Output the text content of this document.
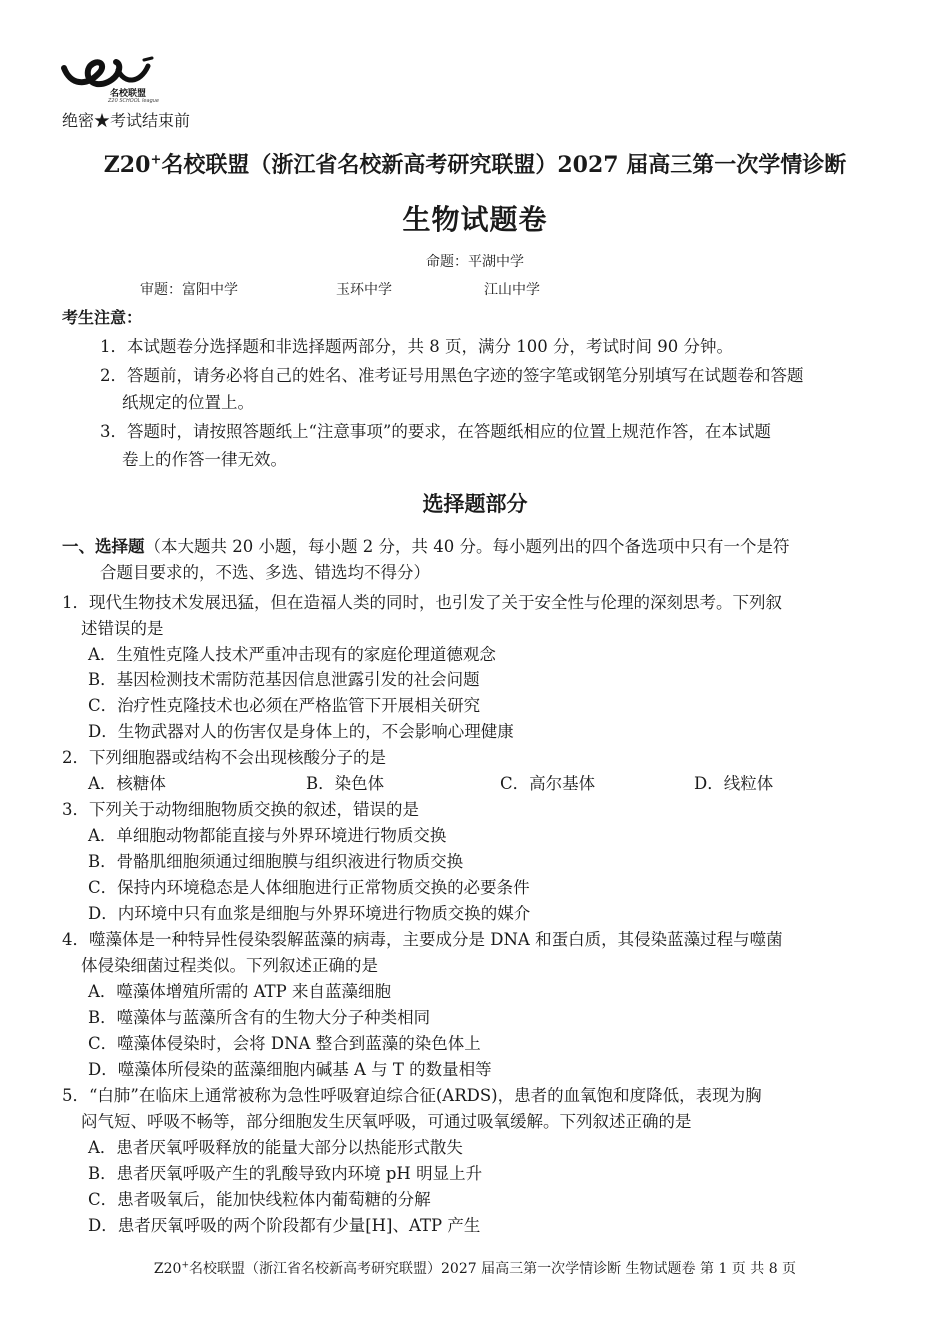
名校联盟
Z20 SCHOOL league
绝密★考试结束前
Z20+名校联盟（浙江省名校新高考研究联盟）2027 届高三第一次学情诊断
生物试题卷
命题：平湖中学
审题：富阳中学	玉环中学	江山中学
考生注意：
1．本试题卷分选择题和非选择题两部分，共 8 页，满分 100 分，考试时间 90 分钟。
2．答题前，请务必将自己的姓名、准考证号用黑色字迹的签字笔或钢笔分别填写在试题卷和答题
纸规定的位置上。
3．答题时，请按照答题纸上“注意事项”的要求，在答题纸相应的位置上规范作答，在本试题
卷上的作答一律无效。
选择题部分
一、选择题（本大题共 20 小题，每小题 2 分，共 40 分。每小题列出的四个备选项中只有一个是符
合题目要求的，不选、多选、错选均不得分）
1．现代生物技术发展迅猛，但在造福人类的同时，也引发了关于安全性与伦理的深刻思考。下列叙
述错误的是
A．生殖性克隆人技术严重冲击现有的家庭伦理道德观念
B．基因检测技术需防范基因信息泄露引发的社会问题
C．治疗性克隆技术也必须在严格监管下开展相关研究
D．生物武器对人的伤害仅是身体上的，不会影响心理健康
2．下列细胞器或结构不会出现核酸分子的是
A．核糖体	B．染色体	C．高尔基体	D．线粒体
3．下列关于动物细胞物质交换的叙述，错误的是
A．单细胞动物都能直接与外界环境进行物质交换
B．骨骼肌细胞须通过细胞膜与组织液进行物质交换
C．保持内环境稳态是人体细胞进行正常物质交换的必要条件
D．内环境中只有血浆是细胞与外界环境进行物质交换的媒介
4．噬藻体是一种特异性侵染裂解蓝藻的病毒，主要成分是 DNA 和蛋白质，其侵染蓝藻过程与噬菌
体侵染细菌过程类似。下列叙述正确的是
A．噬藻体增殖所需的 ATP 来自蓝藻细胞
B．噬藻体与蓝藻所含有的生物大分子种类相同
C．噬藻体侵染时，会将 DNA 整合到蓝藻的染色体上
D．噬藻体所侵染的蓝藻细胞内碱基 A 与 T 的数量相等
5．“白肺”在临床上通常被称为急性呼吸窘迫综合征(ARDS)，患者的血氧饱和度降低，表现为胸
闷气短、呼吸不畅等，部分细胞发生厌氧呼吸，可通过吸氧缓解。下列叙述正确的是
A．患者厌氧呼吸释放的能量大部分以热能形式散失
B．患者厌氧呼吸产生的乳酸导致内环境 pH 明显上升
C．患者吸氧后，能加快线粒体内葡萄糖的分解
D．患者厌氧呼吸的两个阶段都有少量[H]、ATP 产生
Z20+名校联盟（浙江省名校新高考研究联盟）2027 届高三第一次学情诊断 生物试题卷 第 1 页 共 8 页
